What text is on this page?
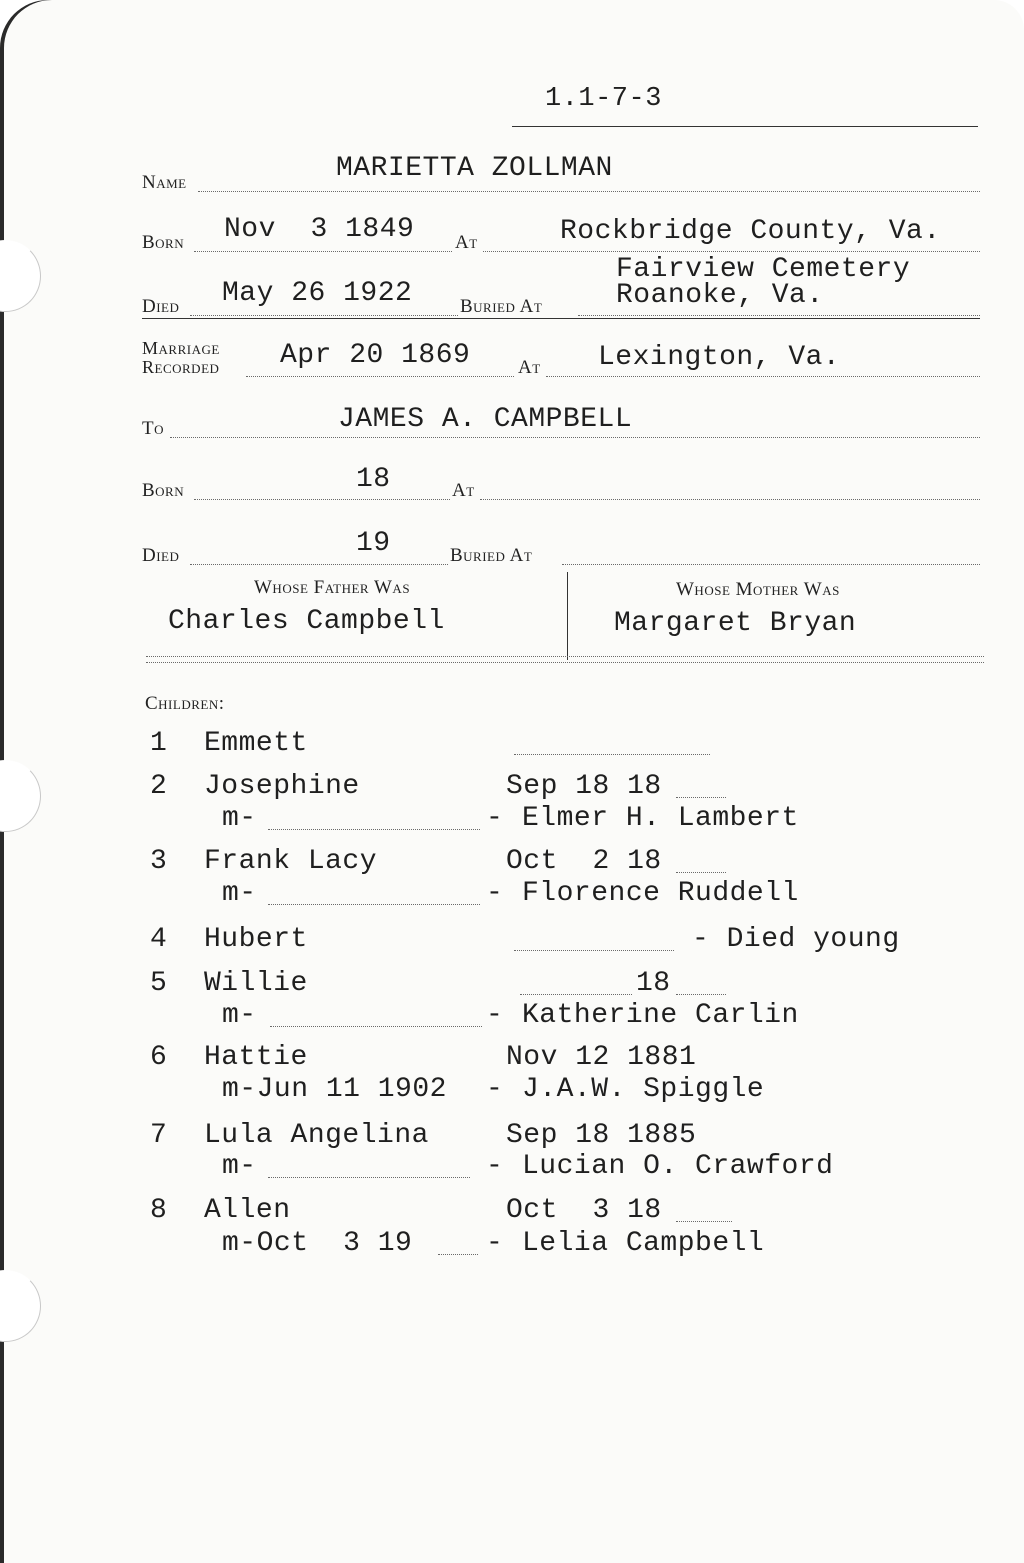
1.1-7-3
Name	MARIETTA ZOLLMAN
Born Nov  3 1849 At	Rockbridge County, Va.
Fairview Cemetery
Died May 26 1922	Buried At	Roanoke, Va.
Marriage
Recorded Apr 20 1869	At Lexington, Va.
To	JAMES A. CAMPBELL
Born	18	At
Died	19	Buried At
Whose Father Was	Whose Mother Was
Charles Campbell	Margaret Bryan
Children:
1 Emmett
2 Josephine	Sep 18 18
m-	- Elmer H. Lambert
3 Frank Lacy	Oct  2 18
m-	- Florence Ruddell
4 Hubert	- Died young
5 Willie	18
m-	- Katherine Carlin
6 Hattie	Nov 12 1881
m-Jun 11 1902 - J.A.W. Spiggle
7 Lula Angelina	Sep 18 1885
m-	- Lucian O. Crawford
8 Allen	Oct  3 18
m-Oct  3 19	- Lelia Campbell
